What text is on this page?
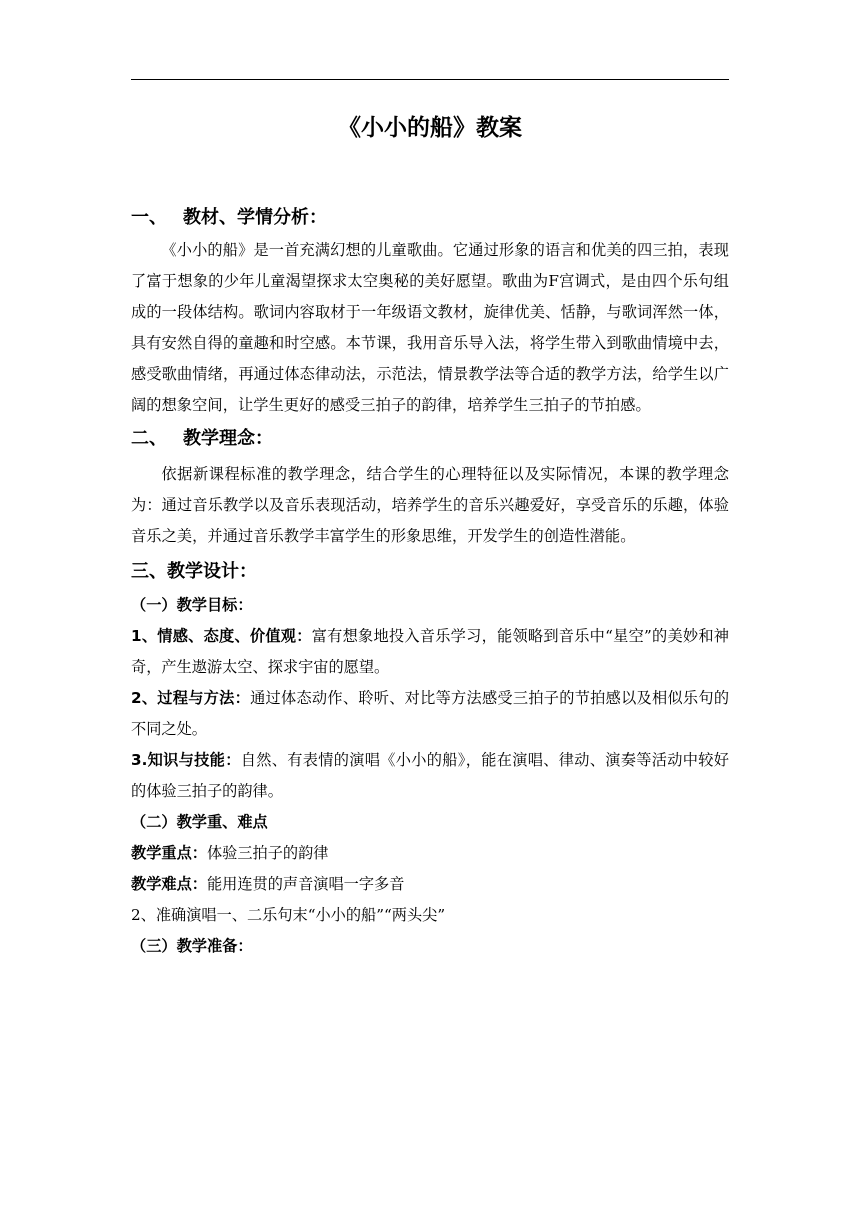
《小小的船》教案
一、 教材、学情分析：

《小小的船》是一首充满幻想的儿童歌曲。它通过形象的语言和优美的四三拍，表现了富于想象的少年儿童渴望探求太空奥秘的美好愿望。歌曲为F宫调式，是由四个乐句组成的一段体结构。歌词内容取材于一年级语文教材，旋律优美、恬静，与歌词浑然一体，具有安然自得的童趣和时空感。本节课，我用音乐导入法，将学生带入到歌曲情境中去，感受歌曲情绪，再通过体态律动法，示范法，情景教学法等合适的教学方法，给学生以广阔的想象空间，让学生更好的感受三拍子的韵律，培养学生三拍子的节拍感。

二、 教学理念：

依据新课程标准的教学理念，结合学生的心理特征以及实际情况，本课的教学理念为：通过音乐教学以及音乐表现活动，培养学生的音乐兴趣爱好，享受音乐的乐趣，体验音乐之美，并通过音乐教学丰富学生的形象思维，开发学生的创造性潜能。

三、教学设计：

（一）教学目标：

1、情感、态度、价值观：富有想象地投入音乐学习，能领略到音乐中“星空”的美妙和神奇，产生遨游太空、探求宇宙的愿望。

2、过程与方法：通过体态动作、聆听、对比等方法感受三拍子的节拍感以及相似乐句的不同之处。

3.知识与技能：自然、有表情的演唱《小小的船》，能在演唱、律动、演奏等活动中较好的体验三拍子的韵律。

（二）教学重、难点

教学重点：体验三拍子的韵律

教学难点：能用连贯的声音演唱一字多音

2、准确演唱一、二乐句末“小小的船”“两头尖”

（三）教学准备：
